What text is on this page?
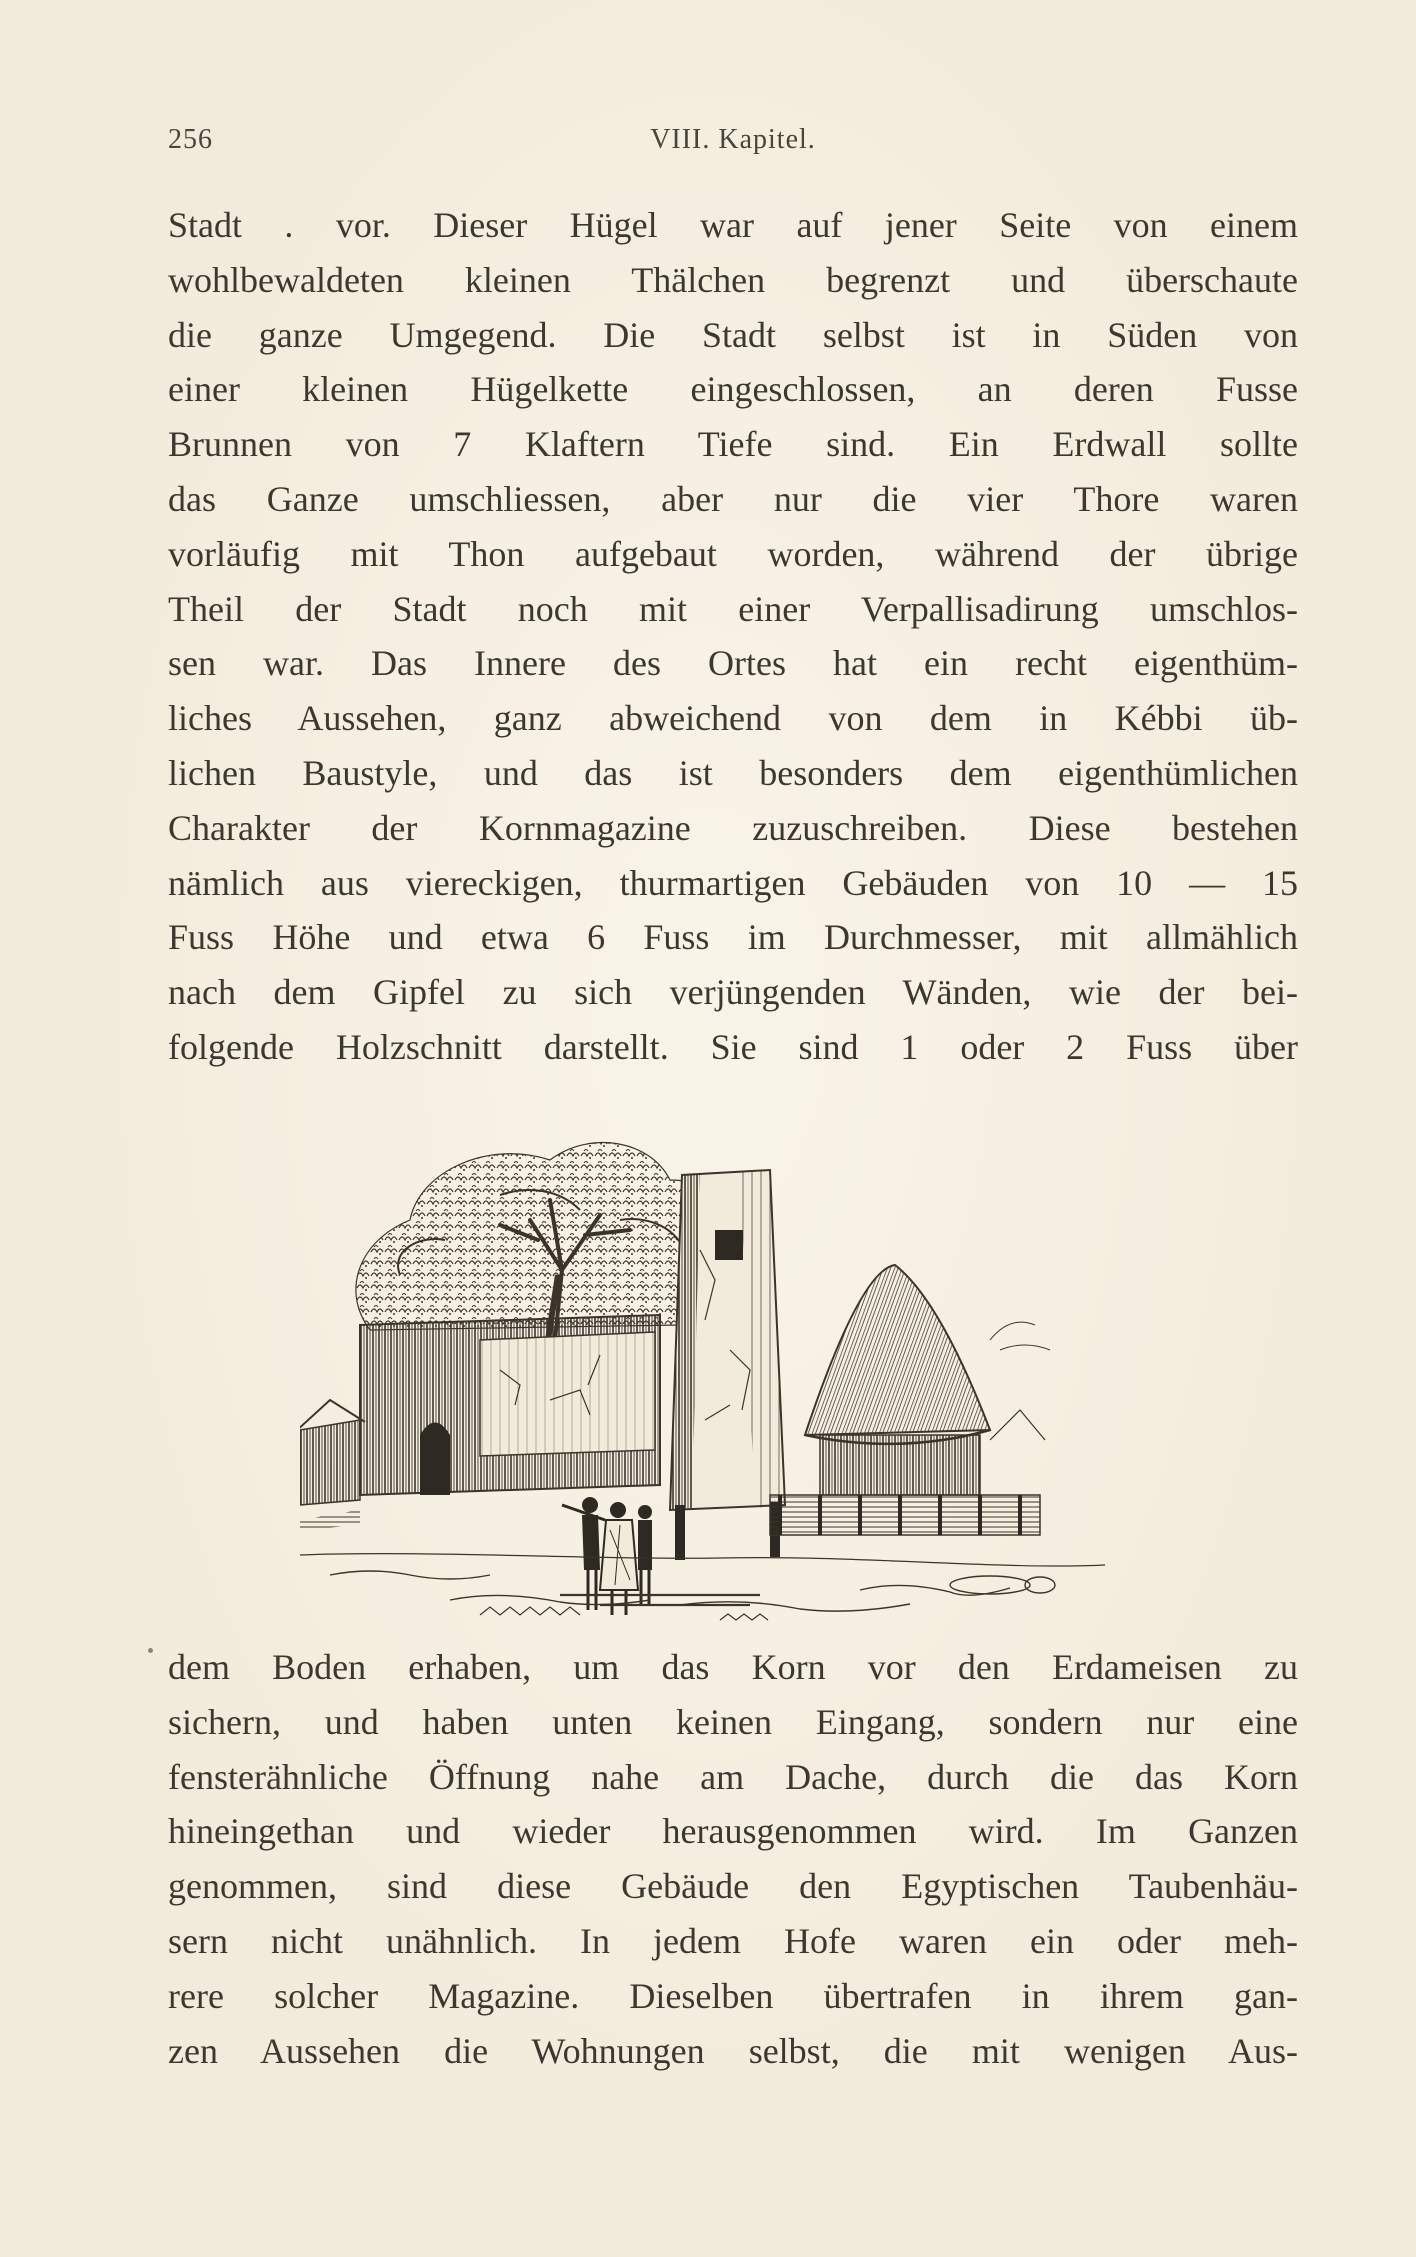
256	VIII. Kapitel.
Stadt . vor. Dieser Hügel war auf jener Seite von einem
wohlbewaldeten kleinen Thälchen begrenzt und überschaute
die ganze Umgegend. Die Stadt selbst ist in Süden von
einer kleinen Hügelkette eingeschlossen, an deren Fusse
Brunnen von 7 Klaftern Tiefe sind. Ein Erdwall sollte
das Ganze umschliessen, aber nur die vier Thore waren
vorläufig mit Thon aufgebaut worden, während der übrige
Theil der Stadt noch mit einer Verpallisadirung umschlos-
sen war. Das Innere des Ortes hat ein recht eigenthüm-
liches Aussehen, ganz abweichend von dem in Kébbi üb-
lichen Baustyle, und das ist besonders dem eigenthümlichen
Charakter der Kornmagazine zuzuschreiben. Diese bestehen
nämlich aus viereckigen, thurmartigen Gebäuden von 10 — 15
Fuss Höhe und etwa 6 Fuss im Durchmesser, mit allmählich
nach dem Gipfel zu sich verjüngenden Wänden, wie der bei-
folgende Holzschnitt darstellt. Sie sind 1 oder 2 Fuss über
dem Boden erhaben, um das Korn vor den Erdameisen zu
sichern, und haben unten keinen Eingang, sondern nur eine
fensterähnliche Öffnung nahe am Dache, durch die das Korn
hineingethan und wieder herausgenommen wird. Im Ganzen
genommen, sind diese Gebäude den Egyptischen Taubenhäu-
sern nicht unähnlich. In jedem Hofe waren ein oder meh-
rere solcher Magazine. Dieselben übertrafen in ihrem gan-
zen Aussehen die Wohnungen selbst, die mit wenigen Aus-
